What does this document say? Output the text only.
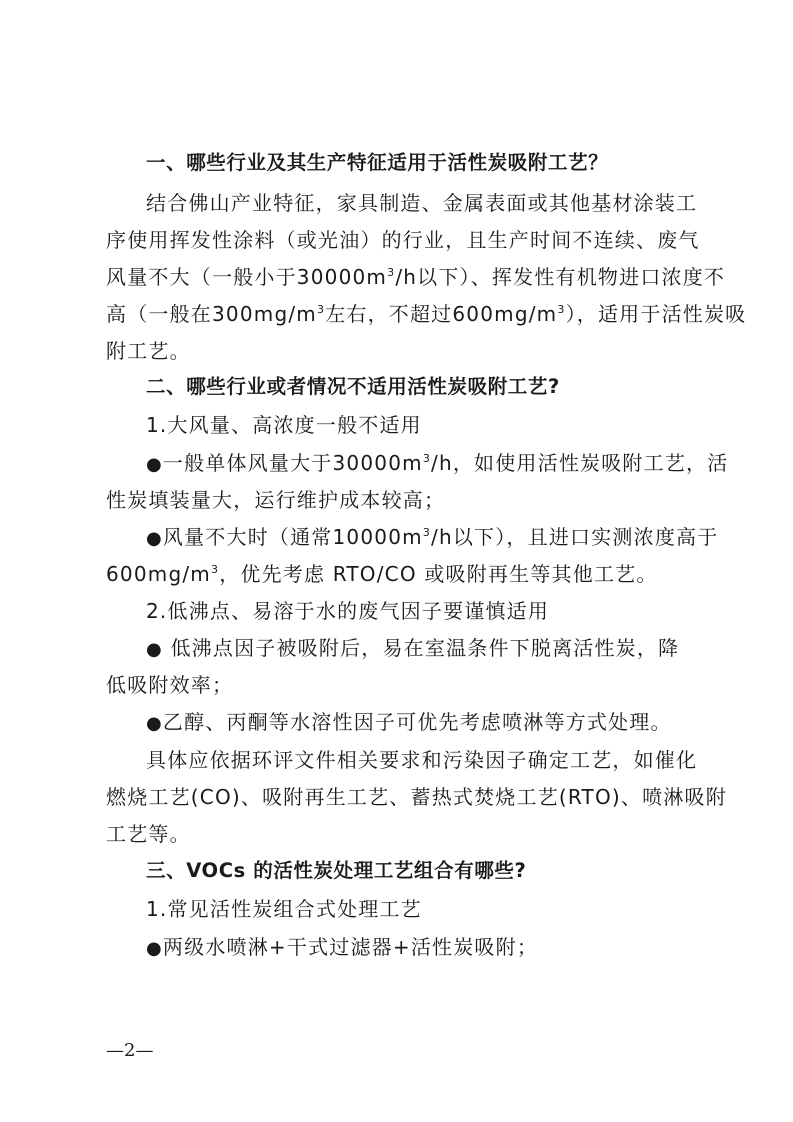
一、哪些行业及其生产特征适用于活性炭吸附工艺？
结合佛山产业特征，家具制造、金属表面或其他基材涂装工
序使用挥发性涂料（或光油）的行业，且生产时间不连续、废气
风量不大（一般小于$30000m^3/h$以下）、挥发性有机物进口浓度不
高（一般在$300mg/m^3$左右，不超过$600mg/m^3$），适用于活性炭吸
附工艺。
二、哪些行业或者情况不适用活性炭吸附工艺?
1.大风量、高浓度一般不适用
●一般单体风量大于$30000m^3/h$，如使用活性炭吸附工艺，活
性炭填装量大，运行维护成本较高；
●风量不大时（通常$10000m^3/h$以下），且进口实测浓度高于
$600mg/m^3$，优先考虑 RTO/CO 或吸附再生等其他工艺。
2.低沸点、易溶于水的废气因子要谨慎适用
● 低沸点因子被吸附后，易在室温条件下脱离活性炭，降
低吸附效率；
●乙醇、丙酮等水溶性因子可优先考虑喷淋等方式处理。
具体应依据环评文件相关要求和污染因子确定工艺，如催化
燃烧工艺(CO)、吸附再生工艺、蓄热式焚烧工艺(RTO)、喷淋吸附
工艺等。
三、VOCs 的活性炭处理工艺组合有哪些?
1.常见活性炭组合式处理工艺
●两级水喷淋+干式过滤器+活性炭吸附；
—2—
